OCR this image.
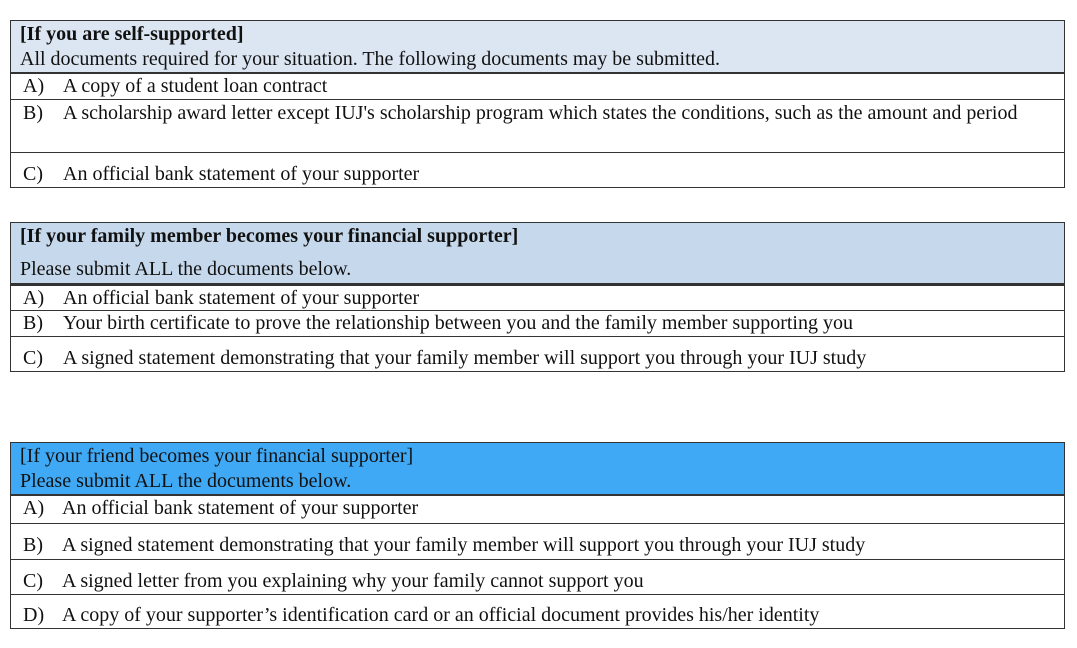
[If you are self-supported]
All documents required for your situation. The following documents may be submitted.
A) A copy of a student loan contract
B) A scholarship award letter except IUJ's scholarship program which states the conditions, such as the amount and period
C) An official bank statement of your supporter
[If your family member becomes your financial supporter]
Please submit ALL the documents below.
A) An official bank statement of your supporter
B) Your birth certificate to prove the relationship between you and the family member supporting you
C) A signed statement demonstrating that your family member will support you through your IUJ study
[If your friend becomes your financial supporter]
Please submit ALL the documents below.
A) An official bank statement of your supporter
B) A signed statement demonstrating that your family member will support you through your IUJ study
C) A signed letter from you explaining why your family cannot support you
D) A copy of your supporter’s identification card or an official document provides his/her identity
